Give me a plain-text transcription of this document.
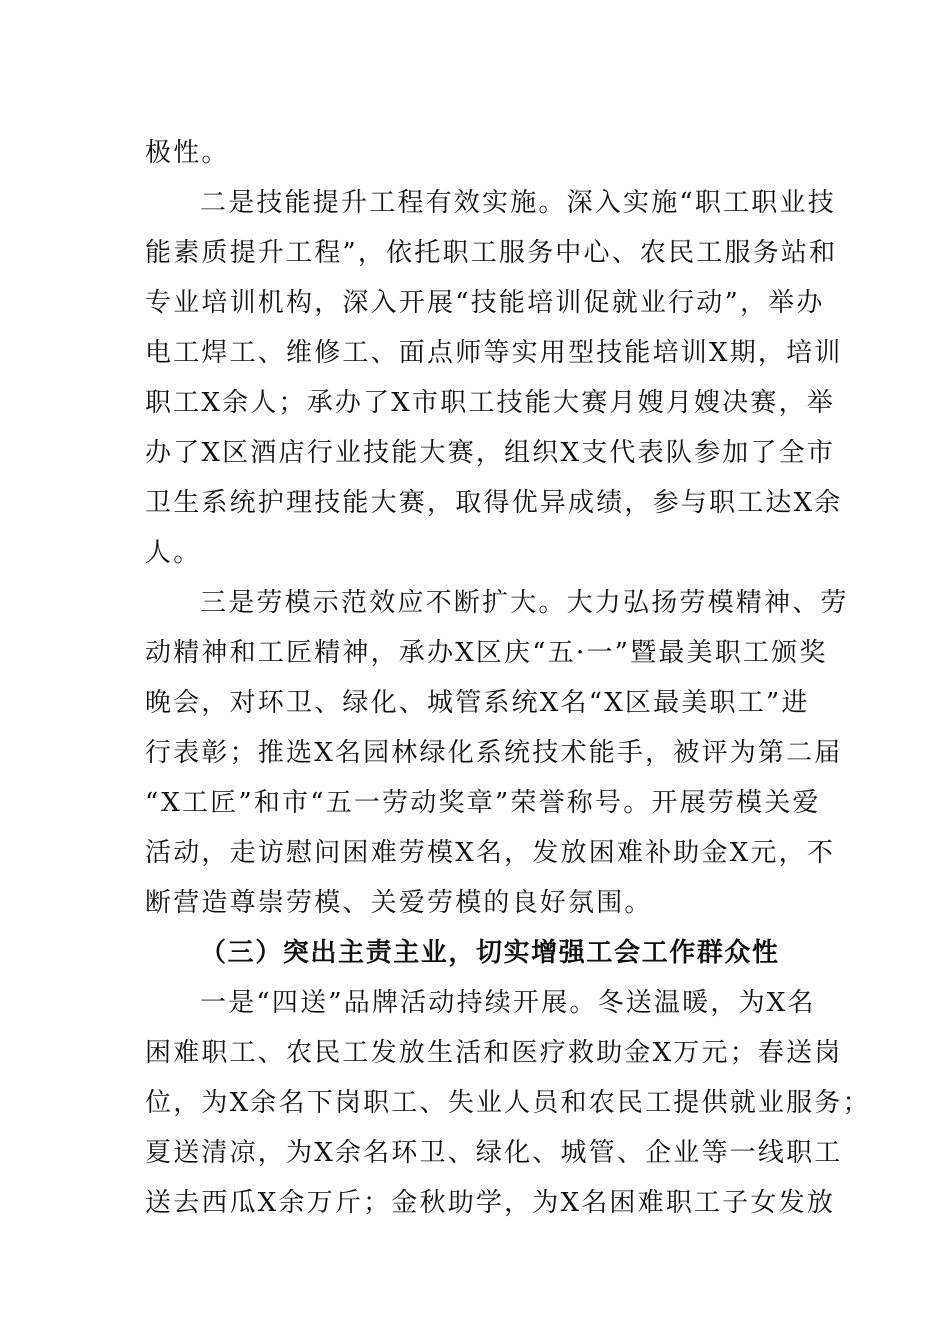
极性。
二是技能提升工程有效实施。深入实施“职工职业技
能素质提升工程”，依托职工服务中心、农民工服务站和
专业培训机构，深入开展“技能培训促就业行动”，举办
电工焊工、维修工、面点师等实用型技能培训X期，培训
职工X余人；承办了X市职工技能大赛月嫂月嫂决赛，举
办了X区酒店行业技能大赛，组织X支代表队参加了全市
卫生系统护理技能大赛，取得优异成绩，参与职工达X余
人。
三是劳模示范效应不断扩大。大力弘扬劳模精神、劳
动精神和工匠精神，承办X区庆“五·一”暨最美职工颁奖
晚会，对环卫、绿化、城管系统X名“X区最美职工”进
行表彰；推选X名园林绿化系统技术能手，被评为第二届
“X工匠”和市“五一劳动奖章”荣誉称号。开展劳模关爱
活动，走访慰问困难劳模X名，发放困难补助金X元，不
断营造尊崇劳模、关爱劳模的良好氛围。
（三）突出主责主业，切实增强工会工作群众性
一是“四送”品牌活动持续开展。冬送温暖，为X名
困难职工、农民工发放生活和医疗救助金X万元；春送岗
位，为X余名下岗职工、失业人员和农民工提供就业服务；
夏送清凉，为X余名环卫、绿化、城管、企业等一线职工
送去西瓜X余万斤；金秋助学，为X名困难职工子女发放
